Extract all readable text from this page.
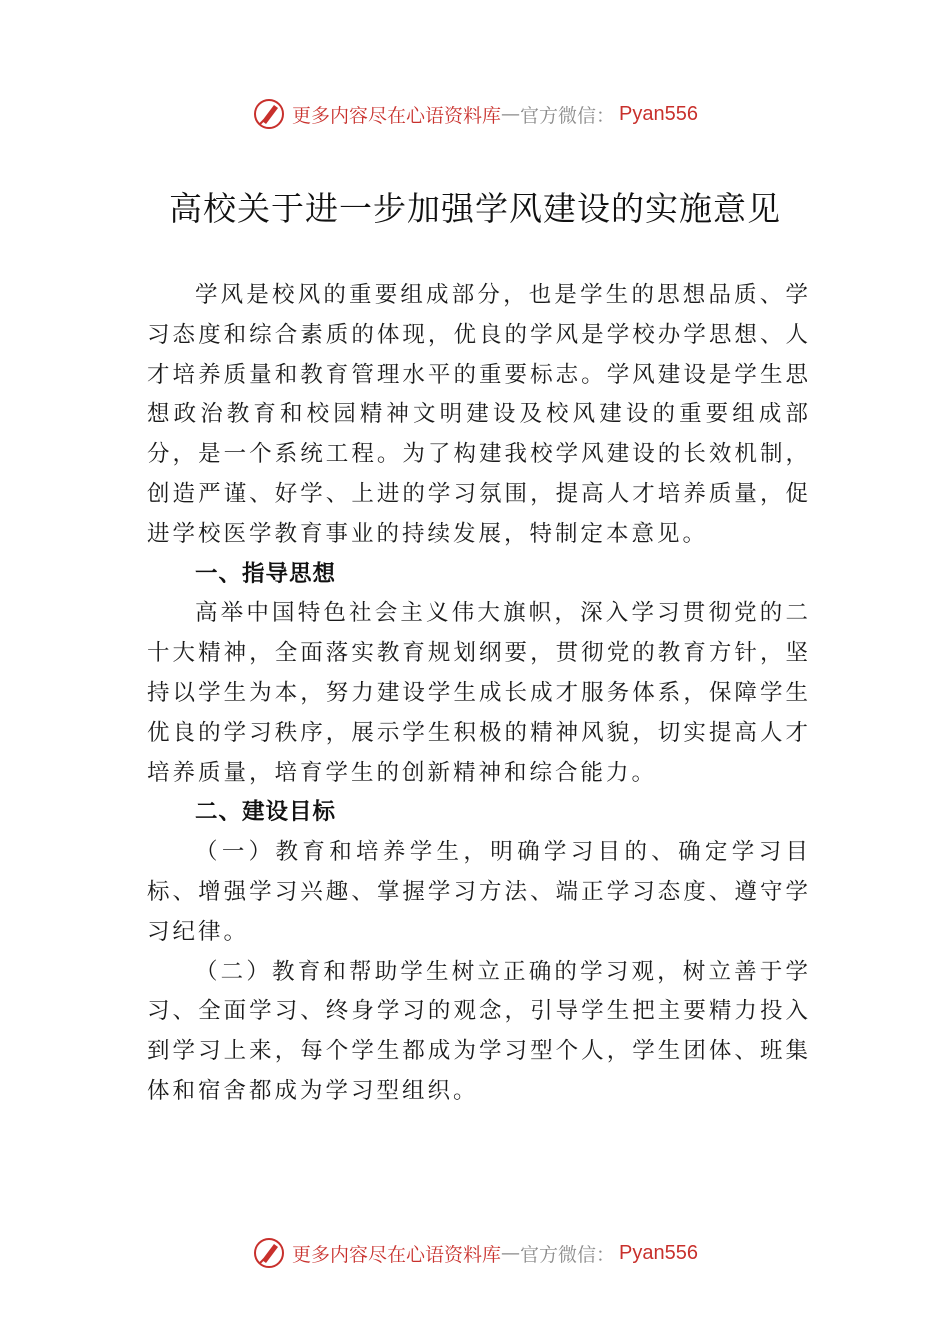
更多内容尽在心语资料库 — 官方微信： Pyan556
高校关于进一步加强学风建设的实施意见

学风是校风的重要组成部分，也是学生的思想品质、学习态度和综合素质的体现，优良的学风是学校办学思想、人才培养质量和教育管理水平的重要标志。学风建设是学生思想政治教育和校园精神文明建设及校风建设的重要组成部分，是一个系统工程。为了构建我校学风建设的长效机制， 创造严谨、好学、上进的学习氛围，提高人才培养质量，促进学校医学教育事业的持续发展，特制定本意见。

一、指导思想

高举中国特色社会主义伟大旗帜，深入学习贯彻党的二十大精神，全面落实教育规划纲要，贯彻党的教育方针，坚持以学生为本，努力建设学生成长成才服务体系，保障学生优良的学习秩序，展示学生积极的精神风貌，切实提高人才培养质量，培育学生的创新精神和综合能力。

二、建设目标

（一）教育和培养学生，明确学习目的、确定学习目标、增强学习兴趣、掌握学习方法、端正学习态度、遵守学习纪律。

（二）教育和帮助学生树立正确的学习观，树立善于学习、全面学习、终身学习的观念，引导学生把主要精力投入到学习上来，每个学生都成为学习型个人，学生团体、班集体和宿舍都成为学习型组织。

更多内容尽在心语资料库 — 官方微信： Pyan556
